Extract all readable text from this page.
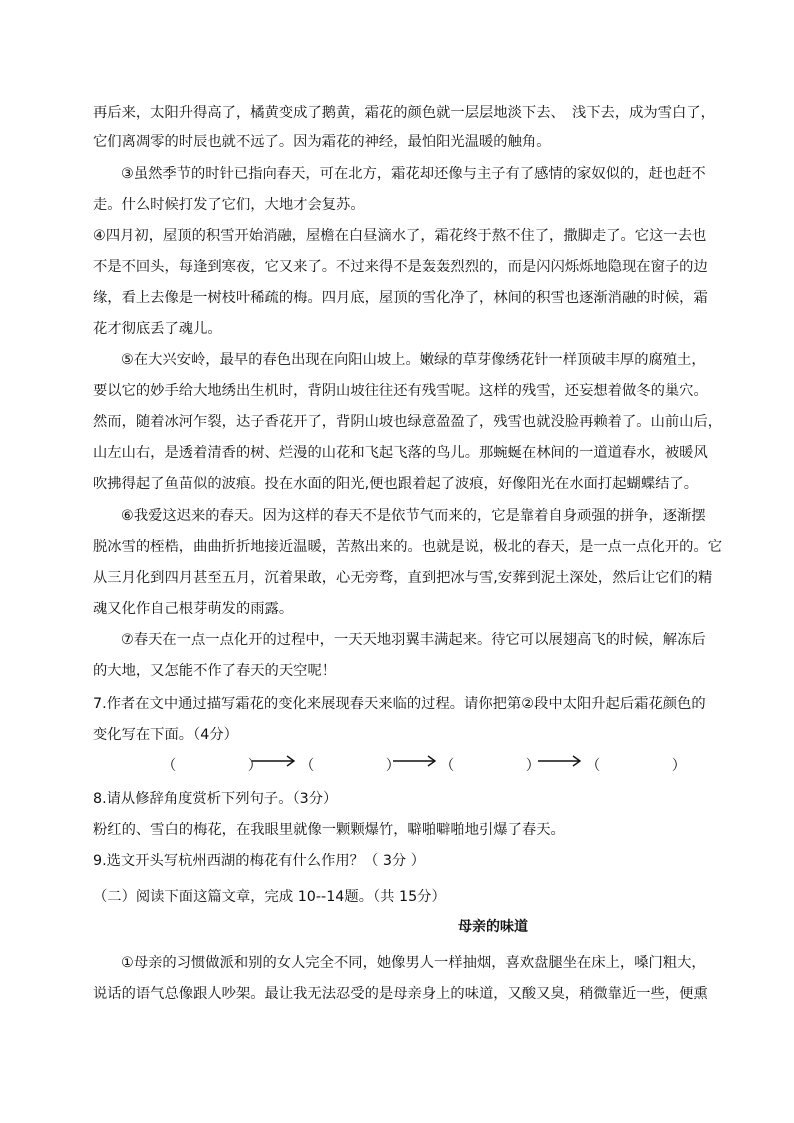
再后来，太阳升得高了，橘黄变成了鹅黄，霜花的颜色就一层层地淡下去、　浅下去，成为雪白了，
它们离凋零的时辰也就不远了。因为霜花的神经，最怕阳光温暖的触角。
③虽然季节的时针已指向春天，可在北方，霜花却还像与主子有了感情的家奴似的，赶也赶不
走。什么时候打发了它们，大地才会复苏。
④四月初，屋顶的积雪开始消融，屋檐在白昼滴水了，霜花终于熬不住了，撒脚走了。它这一去也
不是不回头，每逢到寒夜，它又来了。不过来得不是轰轰烈烈的，而是闪闪烁烁地隐现在窗子的边
缘，看上去像是一树枝叶稀疏的梅。四月底，屋顶的雪化净了，林间的积雪也逐渐消融的时候，霜
花才彻底丢了魂儿。
⑤在大兴安岭，最早的春色出现在向阳山坡上。嫩绿的草芽像绣花针一样顶破丰厚的腐殖土，
要以它的妙手给大地绣出生机时，背阴山坡往往还有残雪呢。这样的残雪，还妄想着做冬的巢穴。
然而，随着冰河乍裂，达子香花开了，背阴山坡也绿意盈盈了，残雪也就没脸再赖着了。山前山后，
山左山右，是透着清香的树、烂漫的山花和飞起飞落的鸟儿。那蜿蜒在林间的一道道春水，被暖风
吹拂得起了鱼苗似的波痕。投在水面的阳光,便也跟着起了波痕，好像阳光在水面打起蝴蝶结了。
⑥我爱这迟来的春天。因为这样的春天不是依节气而来的，它是靠着自身顽强的拼争，逐渐摆
脱冰雪的桎梏，曲曲折折地接近温暖，苦熬出来的。也就是说，极北的春天，是一点一点化开的。它
从三月化到四月甚至五月，沉着果敢，心无旁骛，直到把冰与雪,安葬到泥土深处，然后让它们的精
魂又化作自己根芽萌发的雨露。
⑦春天在一点一点化开的过程中，一天天地羽翼丰满起来。待它可以展翅高飞的时候，解冻后
的大地，又怎能不作了春天的天空呢！
7.作者在文中通过描写霜花的变化来展现春天来临的过程。请你把第②段中太阳升起后霜花颜色的
变化写在下面。（4分）
（　　　　　）	（　　　　　）	（　　　　　）	（　　　　　）
8.请从修辞角度赏析下列句子。（3分）
粉红的、雪白的梅花，在我眼里就像一颗颗爆竹，噼啪噼啪地引爆了春天。
9.选文开头写杭州西湖的梅花有什么作用？（ 3分 ）
（二）阅读下面这篇文章，完成 10--14题。（共 15分）
母亲的味道
①母亲的习惯做派和别的女人完全不同，她像男人一样抽烟，喜欢盘腿坐在床上，嗓门粗大，
说话的语气总像跟人吵架。最让我无法忍受的是母亲身上的味道，又酸又臭，稍微靠近一些，便熏
